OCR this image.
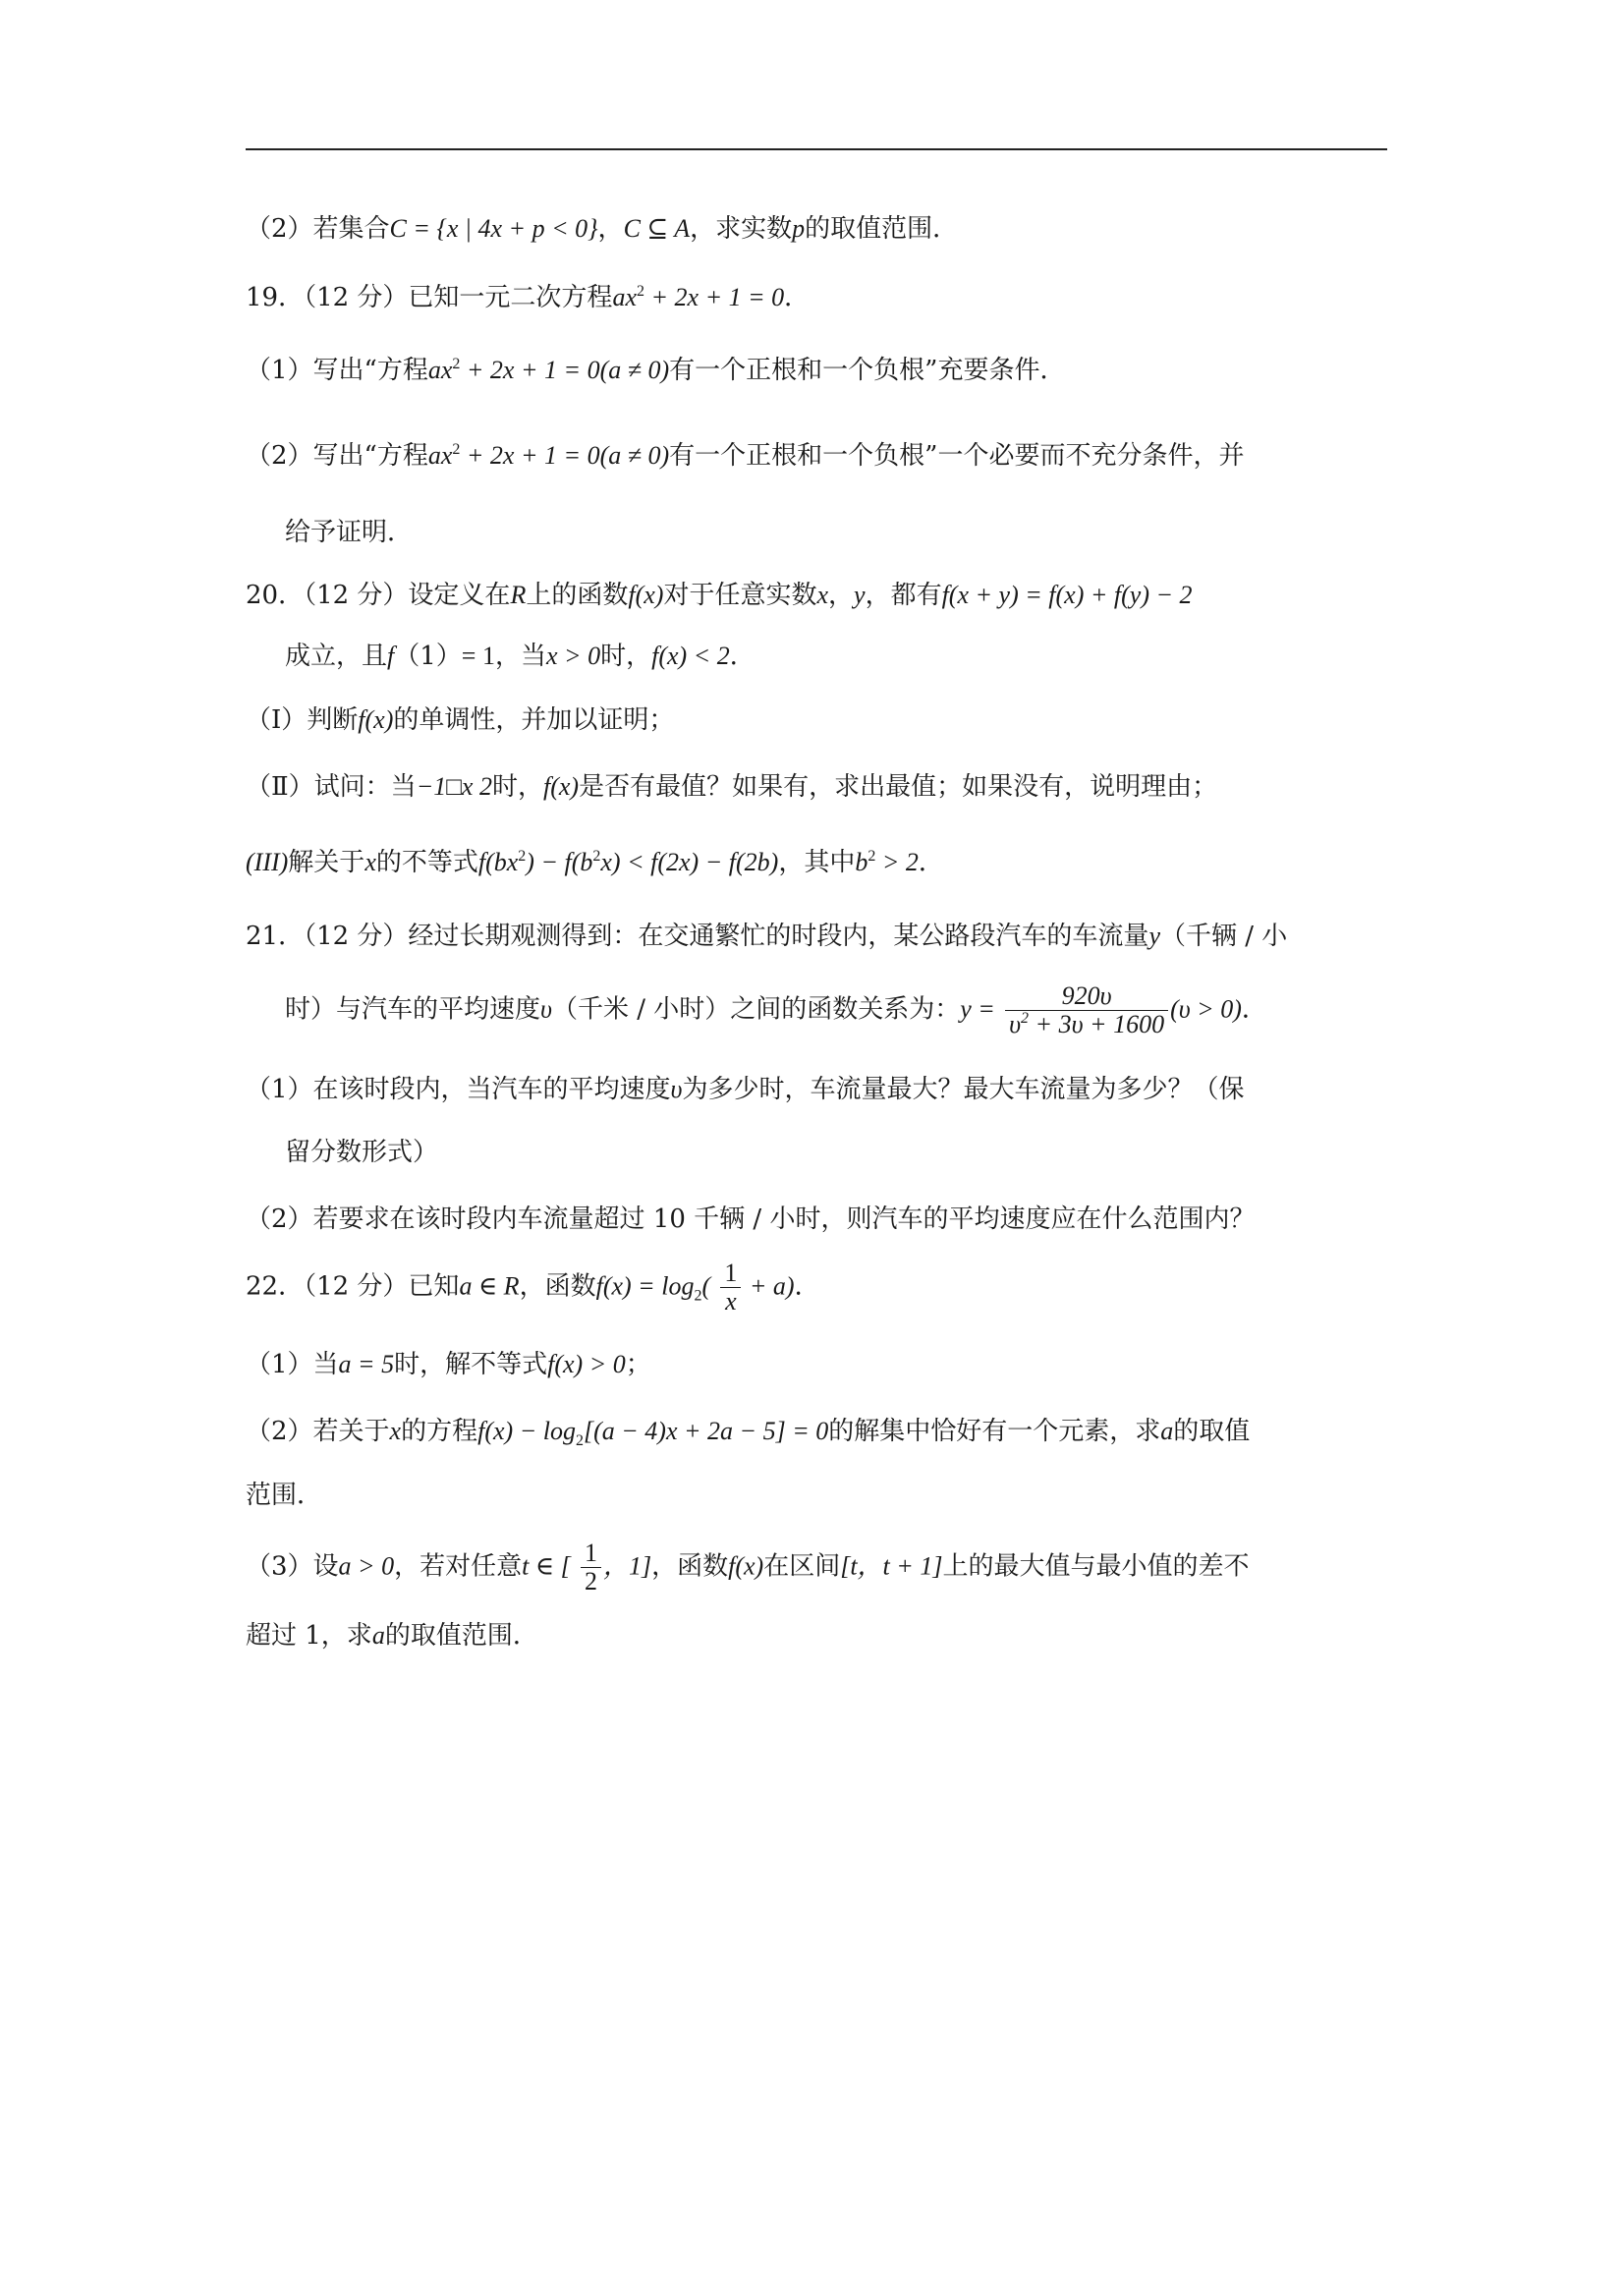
（2）若集合C = {x | 4x + p < 0}，C ⊆ A，求实数p的取值范围．
19．（12 分）已知一元二次方程$ax^2 + 2x + 1 = 0$．
（1）写出“方程$ax^2 + 2x + 1 = 0(a \ne 0)$有一个正根和一个负根”充要条件．
（2）写出“方程$ax^2 + 2x + 1 = 0(a \ne 0)$有一个正根和一个负根”一个必要而不充分条件，并
给予证明．
20．（12 分）设定义在R上的函数f(x)对于任意实数x，y，都有f(x + y) = f(x) + f(y) − 2
成立，且f（1）= 1，当x > 0时，f(x) < 2．
（Ⅰ）判断f(x)的单调性，并加以证明；
（Ⅱ）试问：当−1□x 2时，f(x)是否有最值？如果有，求出最值；如果没有，说明理由；
(III)解关于x的不等式$f(bx^2) - f(b^2x) < f(2x) - f(2b)$，其中$b^2 > 2$．
21．（12 分）经过长期观测得到：在交通繁忙的时段内，某公路段汽车的车流量y（千辆 / 小
时）与汽车的平均速度υ（千米 / 小时）之间的函数关系为：$y = \frac{920\upsilon}{\upsilon^2 + 3\upsilon + 1600} (\upsilon > 0)$．
（1）在该时段内，当汽车的平均速度υ为多少时，车流量最大？最大车流量为多少？（保
留分数形式）
（2）若要求在该时段内车流量超过 10 千辆 / 小时，则汽车的平均速度应在什么范围内？
22．（12 分）已知a ∈ R，函数$f(x) = \log_2( \frac{1}{x} + a)$．
（1）当a = 5时，解不等式f(x) > 0；
（2）若关于x的方程$f(x) - \log_2[(a - 4)x + 2a - 5] = 0$的解集中恰好有一个元素，求a的取值
范围．
（3）设a > 0，若对任意t ∈ [ $\frac{1}{2}$ ，1]，函数f(x)在区间[t，t + 1]上的最大值与最小值的差不
超过 1，求a的取值范围．
